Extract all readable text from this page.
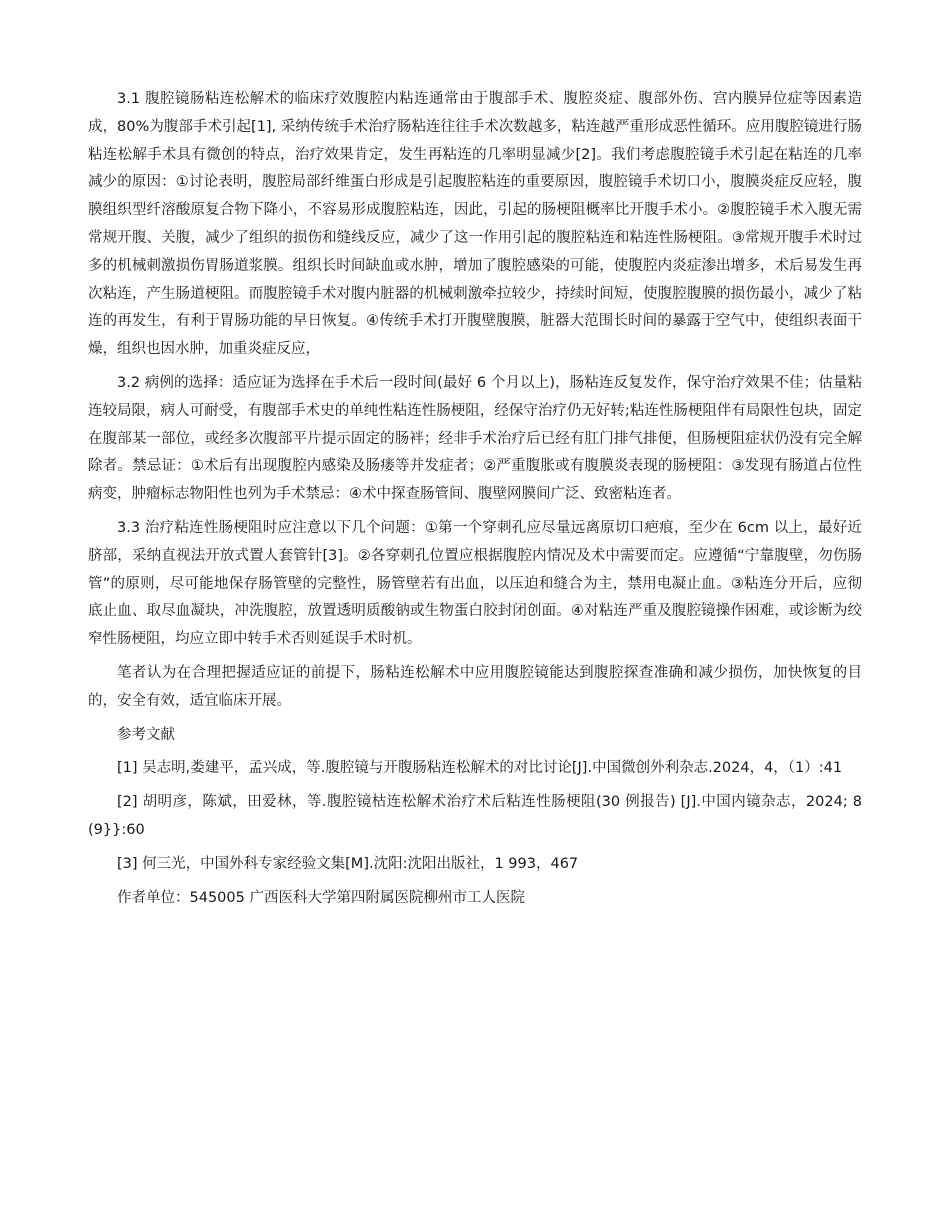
3.1 腹腔镜肠粘连松解术的临床疗效腹腔内粘连通常由于腹部手术、腹腔炎症、腹部外伤、宫内膜异位症等因素造成，80%为腹部手术引起[1], 采纳传统手术治疗肠粘连往往手术次数越多，粘连越严重形成恶性循环。应用腹腔镜进行肠粘连松解手术具有微创的特点，治疗效果肯定，发生再粘连的几率明显减少[2]。我们考虑腹腔镜手术引起在粘连的几率减少的原因：①讨论表明，腹腔局部纤维蛋白形成是引起腹腔粘连的重要原因，腹腔镜手术切口小，腹膜炎症反应轻，腹膜组织型纤溶酸原复合物下降小，不容易形成腹腔粘连，因此，引起的肠梗阻概率比开腹手术小。②腹腔镜手术入腹无需常规开腹、关腹，减少了组织的损伤和缝线反应，减少了这一作用引起的腹腔粘连和粘连性肠梗阻。③常规开腹手术时过多的机械刺激损伤胃肠道浆膜。组织长时间缺血或水肿，增加了腹腔感染的可能，使腹腔内炎症渗出增多，术后易发生再次粘连，产生肠道梗阻。而腹腔镜手术对腹内脏器的机械刺激牵拉较少，持续时间短，使腹腔腹膜的损伤最小，减少了粘连的再发生，有利于胃肠功能的早日恢复。④传统手术打开腹壁腹膜，脏器大范围长时间的暴露于空气中，使组织表面干燥，组织也因水肿，加重炎症反应，

3.2 病例的选择：适应证为选择在手术后一段时间(最好 6 个月以上)，肠粘连反复发作，保守治疗效果不佳；估量粘连较局限，病人可耐受，有腹部手术史的单纯性粘连性肠梗阻，经保守治疗仍无好转;粘连性肠梗阻伴有局限性包块，固定在腹部某一部位，或经多次腹部平片提示固定的肠袢；经非手术治疗后已经有肛门排气排便，但肠梗阻症状仍没有完全解除者。禁忌证：①术后有出现腹腔内感染及肠瘘等并发症者；②严重腹胀或有腹膜炎表现的肠梗阻：③发现有肠道占位性病变，肿瘤标志物阳性也列为手术禁忌：④术中探查肠管间、腹壁网膜间广泛、致密粘连者。

3.3 治疗粘连性肠梗阻时应注意以下几个问题：①第一个穿刺孔应尽量远离原切口疤痕，至少在 6cm 以上，最好近脐部，采纳直视法开放式置人套管针[3]。②各穿刺孔位置应根据腹腔内情况及术中需要而定。应遵循“宁靠腹壁，勿伤肠管”的原则，尽可能地保存肠管壁的完整性，肠管壁若有出血，以压迫和缝合为主，禁用电凝止血。③粘连分开后，应彻底止血、取尽血凝块，冲洗腹腔，放置透明质酸钠或生物蛋白胶封闭创面。④对粘连严重及腹腔镜操作困难，或诊断为绞窄性肠梗阻，均应立即中转手术否则延误手术时机。

笔者认为在合理把握适应证的前提下，肠粘连松解术中应用腹腔镜能达到腹腔探查准确和减少损伤，加快恢复的目的，安全有效，适宜临床开展。

参考文献

[1] 吴志明,娄建平，孟兴成，等.腹腔镜与开腹肠粘连松解术的对比讨论[J].中国微创外利杂志.2024，4，（1）:41

[2] 胡明彦，陈斌，田爱林，等.腹腔镜枯连松解术治疗术后粘连性肠梗阻(30 例报告) [J].中国内镜杂志，2024; 8(9}}:60

[3] 何三光，中国外科专家经验文集[M].沈阳:沈阳出版社，1 993，467

作者单位：545005 广西医科大学第四附属医院柳州市工人医院
